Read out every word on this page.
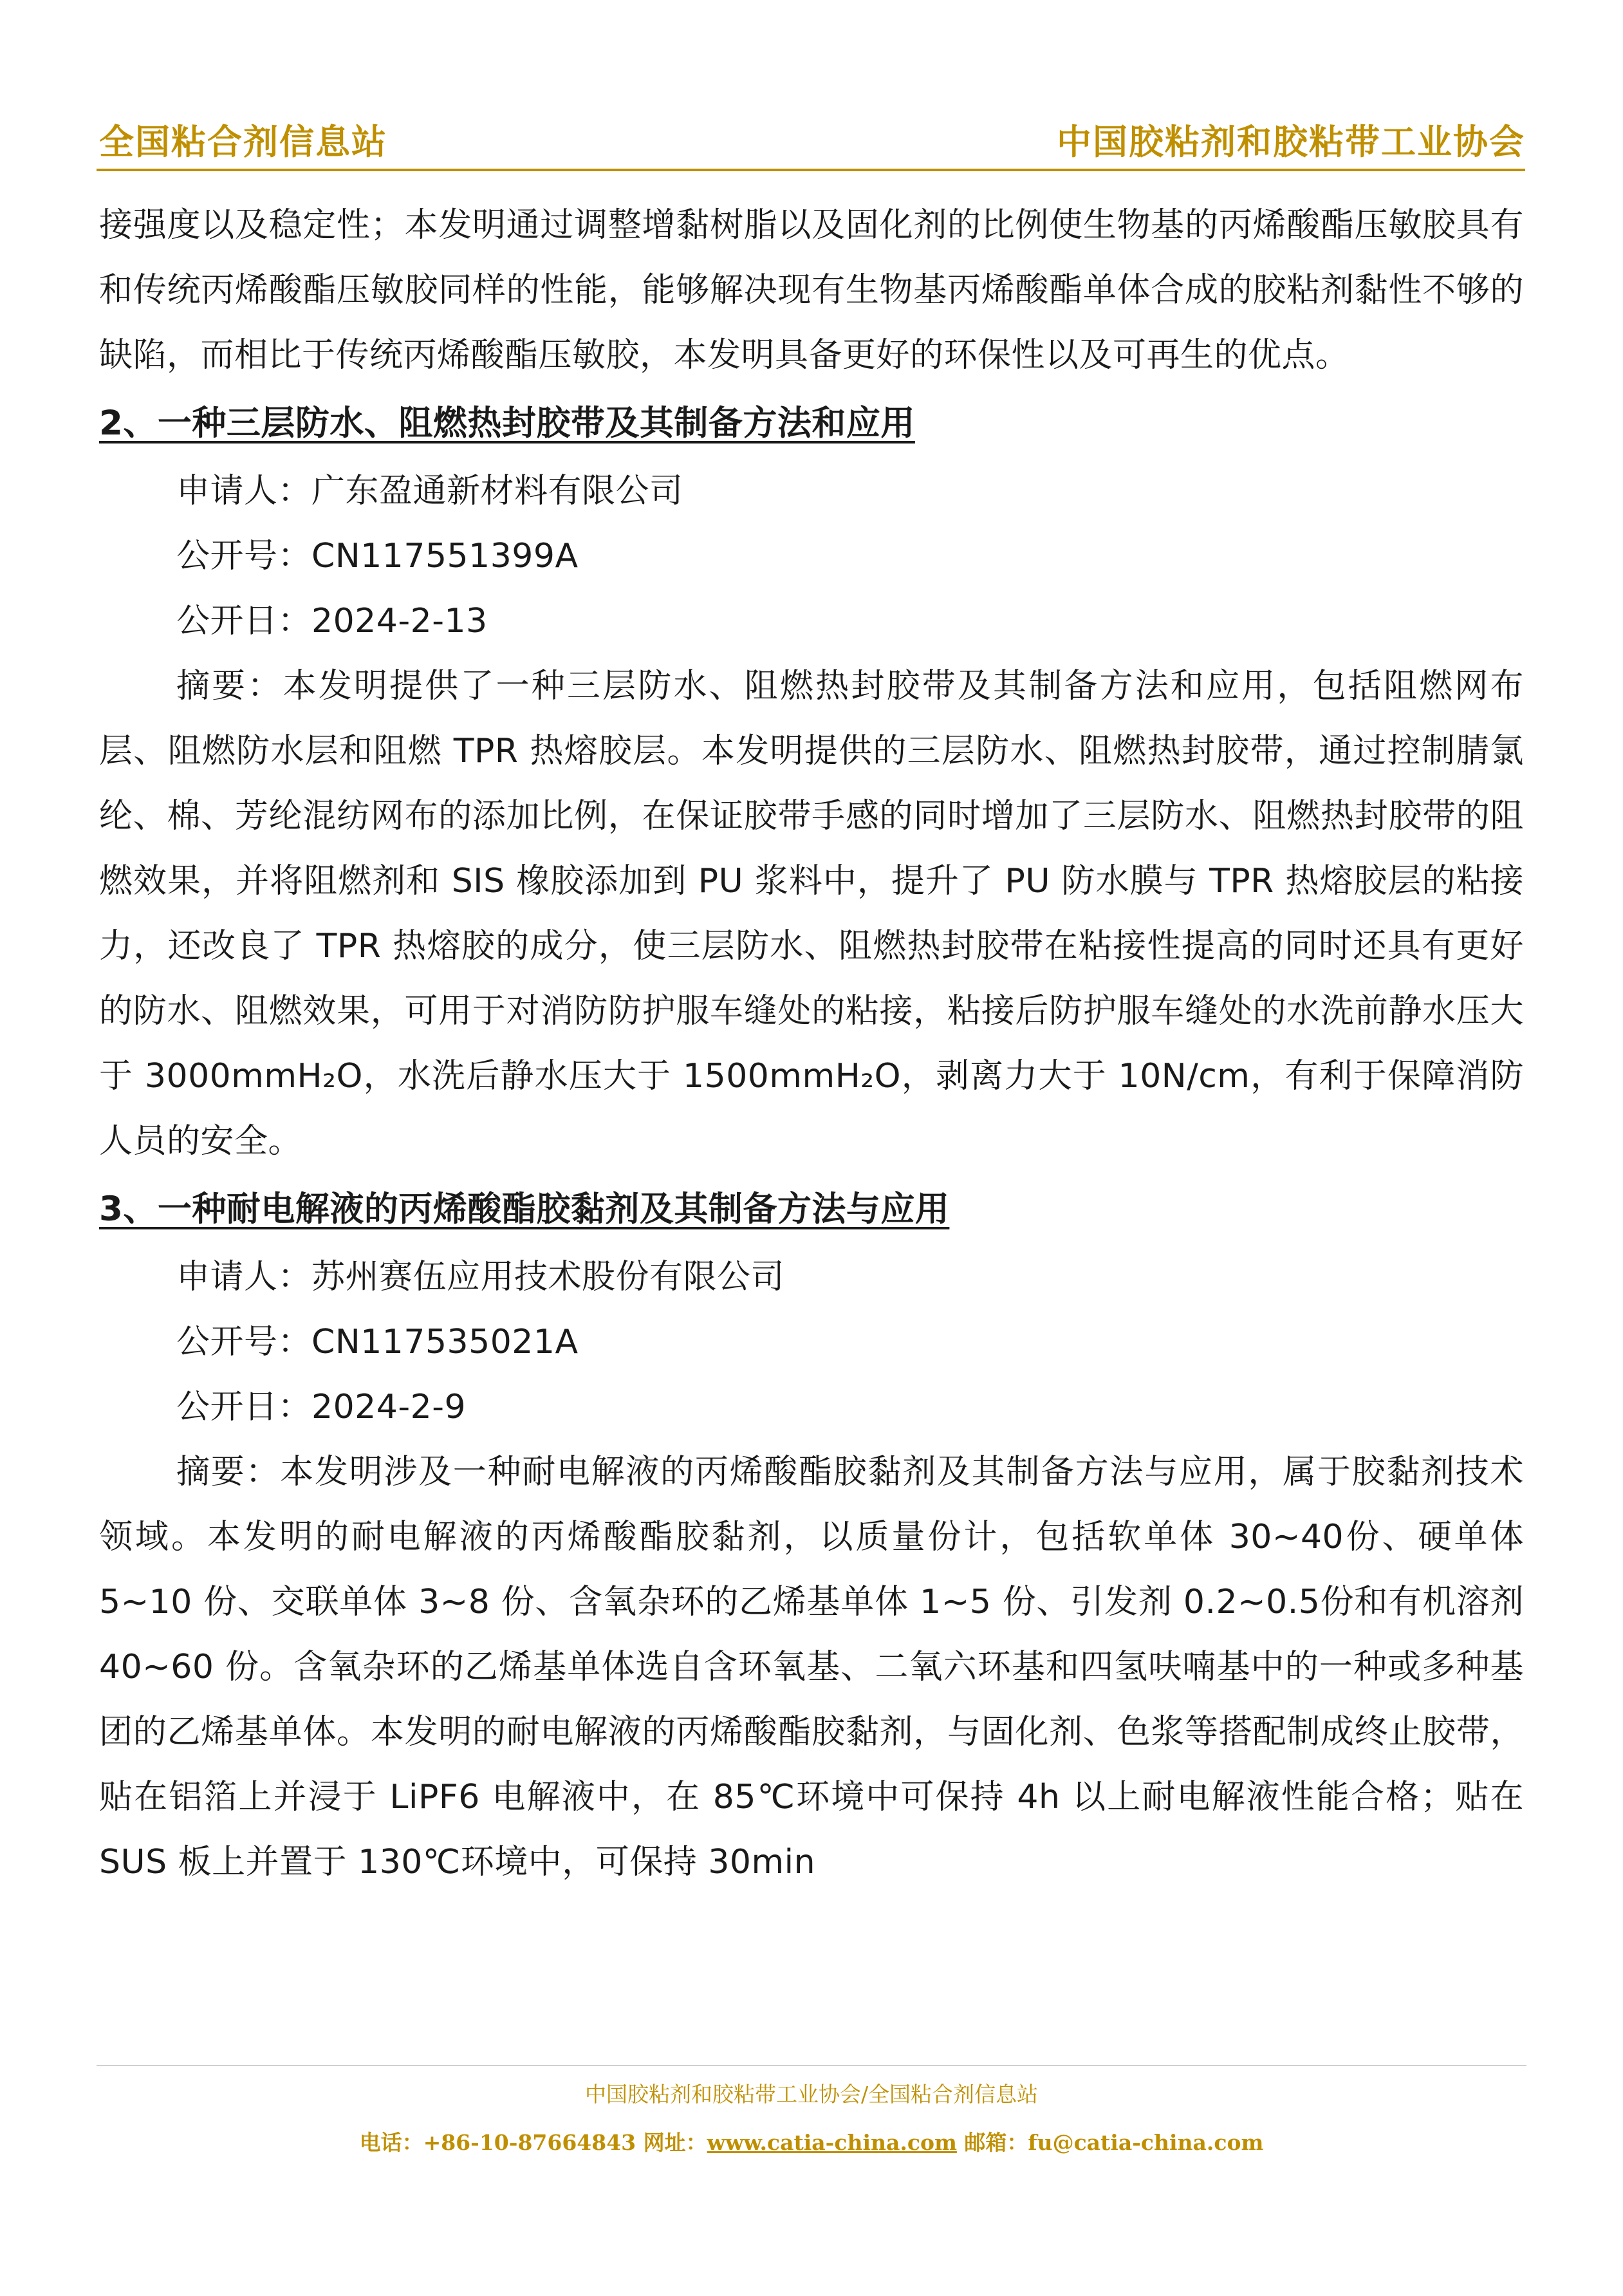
全国粘合剂信息站	中国胶粘剂和胶粘带工业协会

接强度以及稳定性；本发明通过调整增黏树脂以及固化剂的比例使生物基的丙烯酸酯压敏胶具有和传统丙烯酸酯压敏胶同样的性能，能够解决现有生物基丙烯酸酯单体合成的胶粘剂黏性不够的缺陷，而相比于传统丙烯酸酯压敏胶，本发明具备更好的环保性以及可再生的优点。

2、一种三层防水、阻燃热封胶带及其制备方法和应用

申请人：广东盈通新材料有限公司

公开号：CN117551399A

公开日：2024-2-13

摘要：本发明提供了一种三层防水、阻燃热封胶带及其制备方法和应用，包括阻燃网布层、阻燃防水层和阻燃 TPR 热熔胶层。本发明提供的三层防水、阻燃热封胶带，通过控制腈氯纶、棉、芳纶混纺网布的添加比例，在保证胶带手感的同时增加了三层防水、阻燃热封胶带的阻燃效果，并将阻燃剂和 SIS 橡胶添加到 PU 浆料中，提升了 PU 防水膜与 TPR 热熔胶层的粘接力，还改良了 TPR 热熔胶的成分，使三层防水、阻燃热封胶带在粘接性提高的同时还具有更好的防水、阻燃效果，可用于对消防防护服车缝处的粘接，粘接后防护服车缝处的水洗前静水压大于 3000mmH₂O，水洗后静水压大于 1500mmH₂O，剥离力大于 10N/cm，有利于保障消防人员的安全。

3、一种耐电解液的丙烯酸酯胶黏剂及其制备方法与应用

申请人：苏州赛伍应用技术股份有限公司

公开号：CN117535021A

公开日：2024-2-9

摘要：本发明涉及一种耐电解液的丙烯酸酯胶黏剂及其制备方法与应用，属于胶黏剂技术领域。本发明的耐电解液的丙烯酸酯胶黏剂，以质量份计，包括软单体 30~40份、硬单体 5~10 份、交联单体 3~8 份、含氧杂环的乙烯基单体 1~5 份、引发剂 0.2~0.5份和有机溶剂 40~60 份。含氧杂环的乙烯基单体选自含环氧基、二氧六环基和四氢呋喃基中的一种或多种基团的乙烯基单体。本发明的耐电解液的丙烯酸酯胶黏剂，与固化剂、色浆等搭配制成终止胶带，贴在铝箔上并浸于 LiPF6 电解液中，在 85℃环境中可保持 4h 以上耐电解液性能合格；贴在 SUS 板上并置于 130℃环境中，可保持 30min

中国胶粘剂和胶粘带工业协会/全国粘合剂信息站
电话：+86-10-87664843 网址：www.catia-china.com 邮箱：fu@catia-china.com
